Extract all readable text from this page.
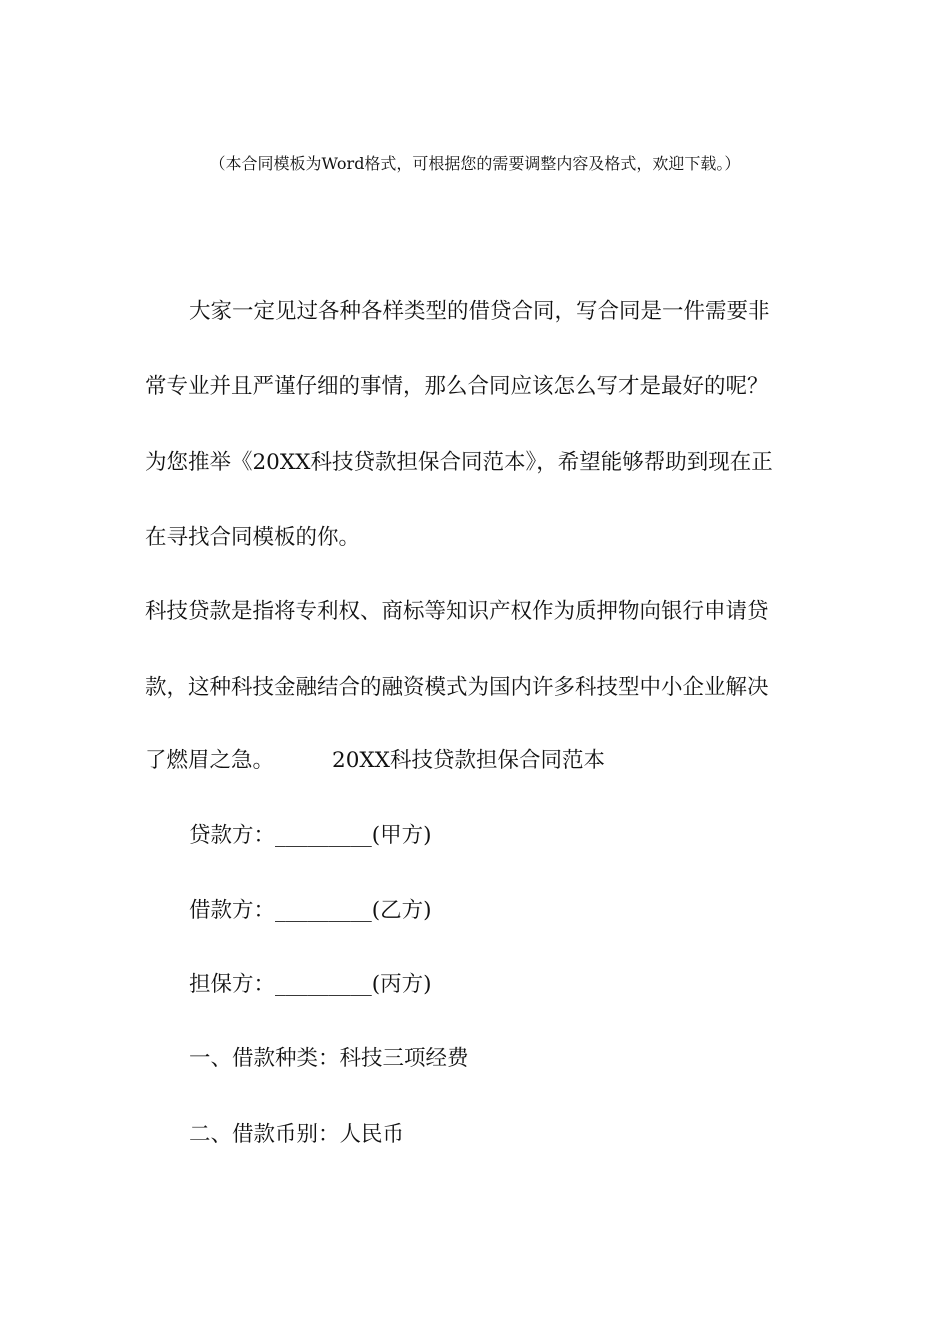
（本合同模板为Word格式，可根据您的需要调整内容及格式，欢迎下载。）
大家一定见过各种各样类型的借贷合同，写合同是一件需要非
常专业并且严谨仔细的事情，那么合同应该怎么写才是最好的呢？
为您推举《20XX科技贷款担保合同范本》，希望能够帮助到现在正
在寻找合同模板的你。
科技贷款是指将专利权、商标等知识产权作为质押物向银行申请贷
款，这种科技金融结合的融资模式为国内许多科技型中小企业解决
了燃眉之急。	20XX科技贷款担保合同范本
贷款方：_________(甲方)
借款方：_________(乙方)
担保方：_________(丙方)
一、借款种类：科技三项经费
二、借款币别：人民币
